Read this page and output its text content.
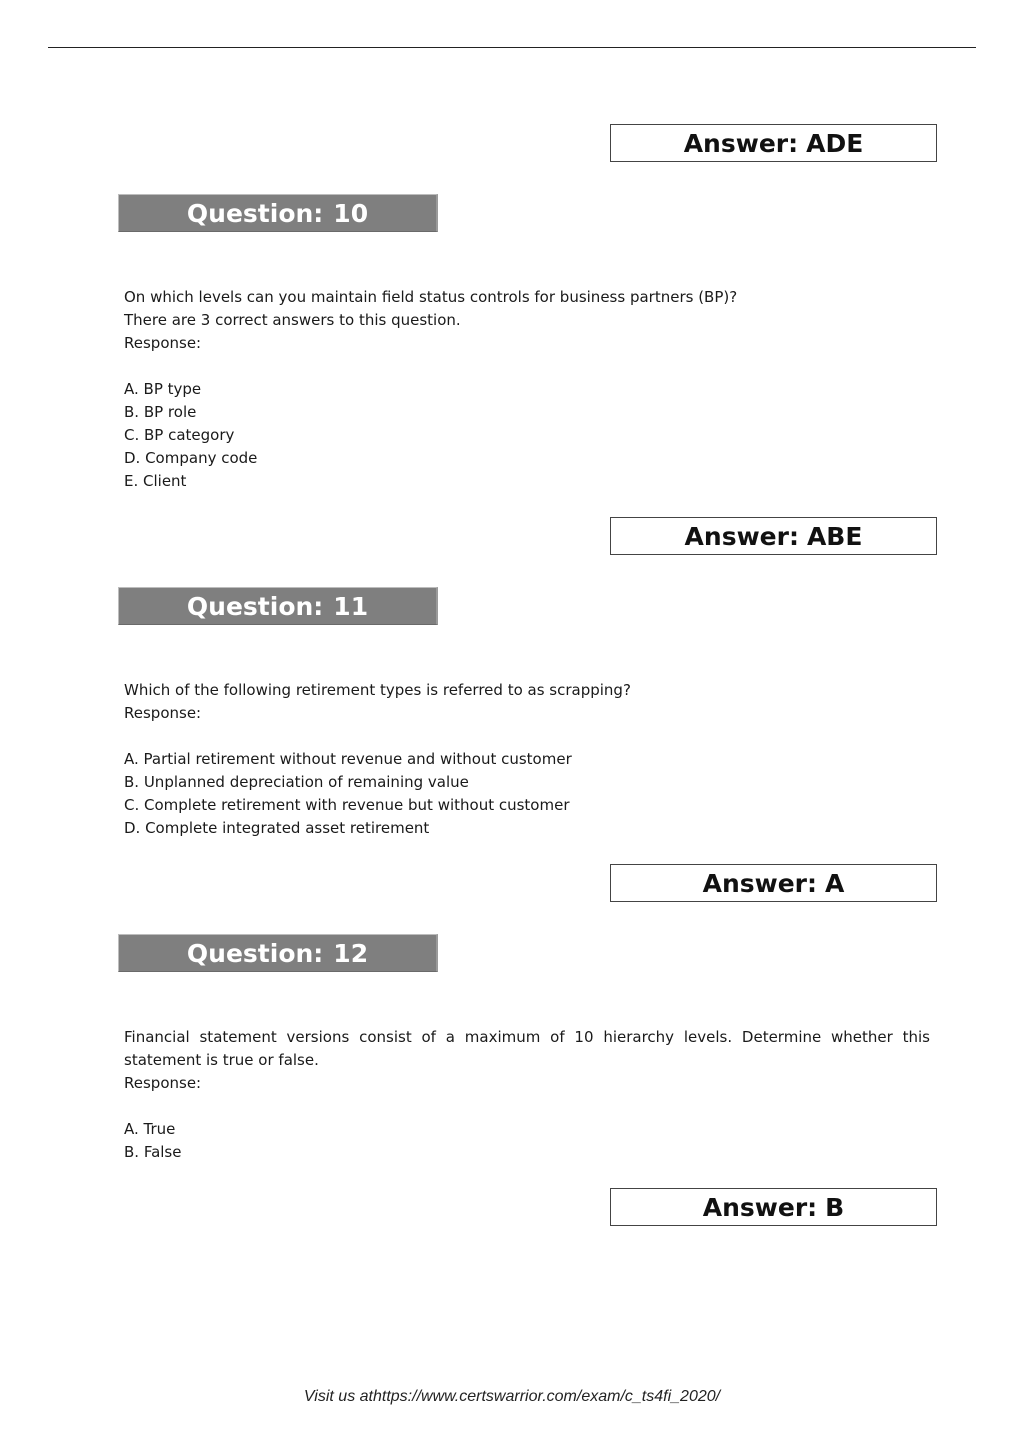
Answer: ADE
Question: 10

On which levels can you maintain field status controls for business partners (BP)?

There are 3 correct answers to this question.

Response:

A. BP type
B. BP role
C. BP category
D. Company code
E. Client
Answer: ABE
Question: 11

Which of the following retirement types is referred to as scrapping?

Response:

A. Partial retirement without revenue and without customer
B. Unplanned depreciation of remaining value
C. Complete retirement with revenue but without customer
D. Complete integrated asset retirement
Answer: A
Question: 12

Financial statement versions consist of a maximum of 10 hierarchy levels. Determine whether this statement is true or false.

Response:

A. True
B. False
Answer: B
Visit us athttps://www.certswarrior.com/exam/c_ts4fi_2020/
